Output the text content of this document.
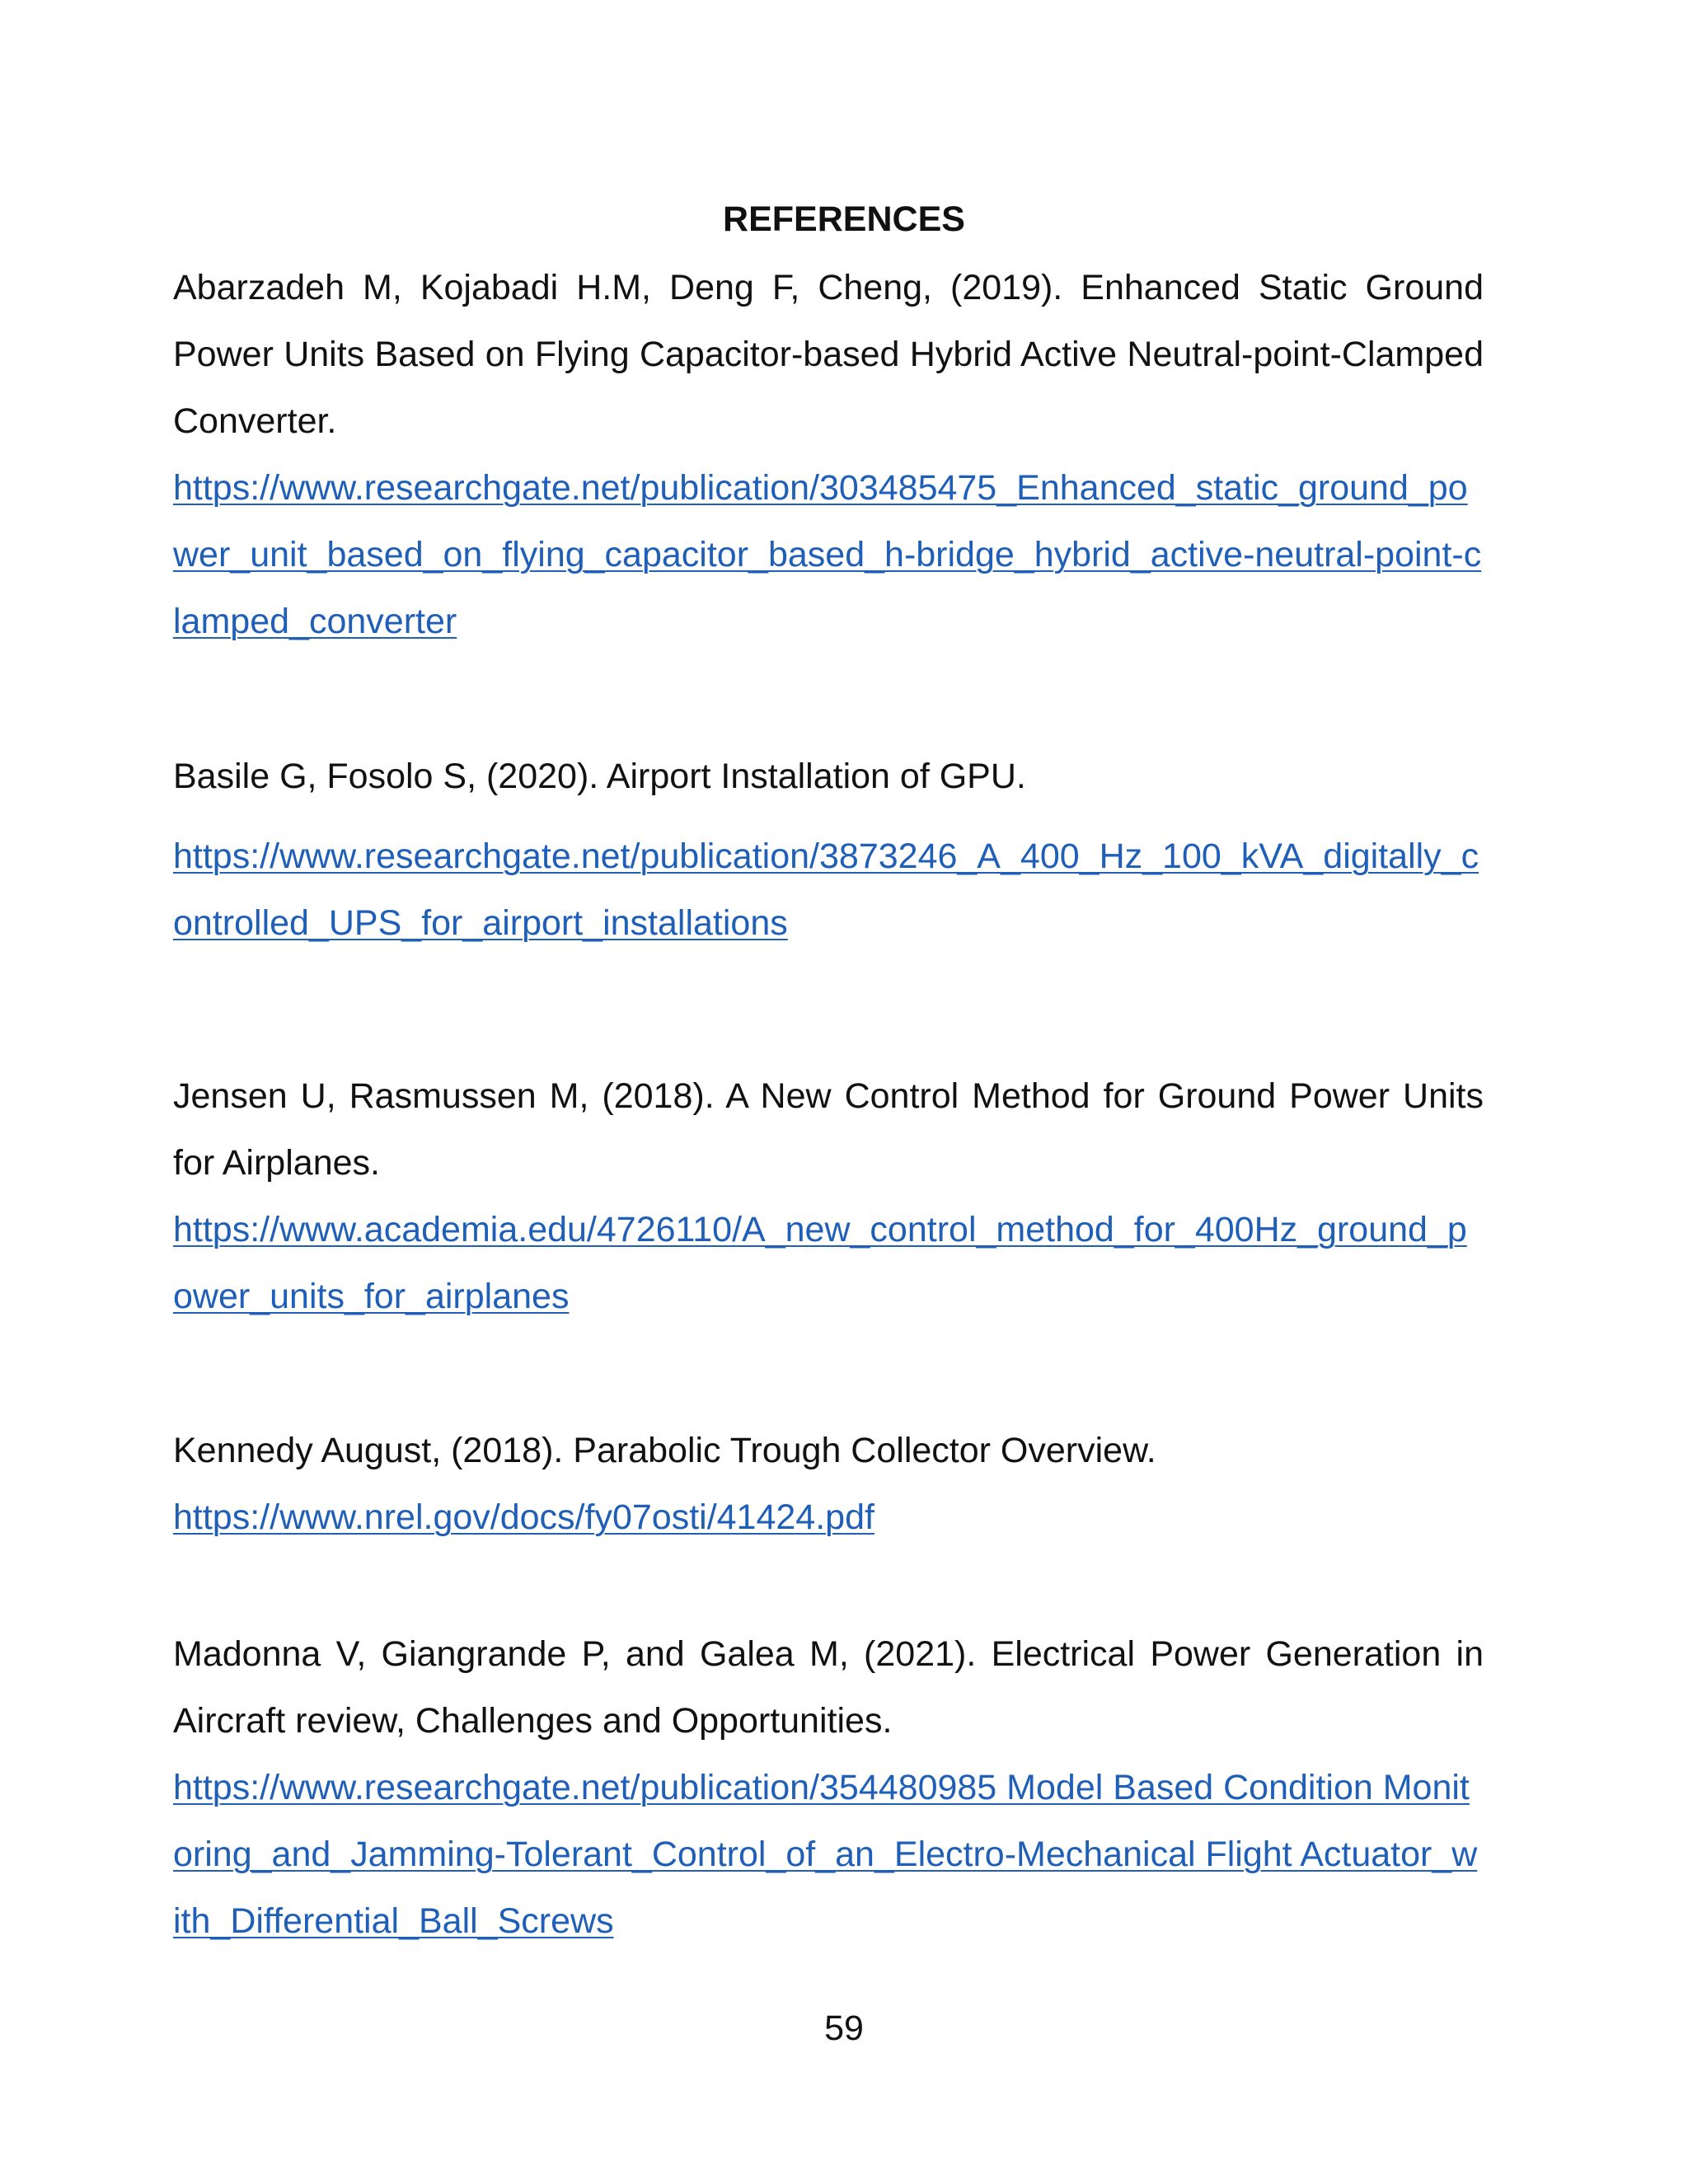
REFERENCES
Abarzadeh M, Kojabadi H.M, Deng F, Cheng, (2019). Enhanced Static Ground Power Units Based on Flying Capacitor-based Hybrid Active Neutral-point-Clamped Converter.
https://www.researchgate.net/publication/303485475_Enhanced_static_ground_power_unit_based_on_flying_capacitor_based_h-bridge_hybrid_active-neutral-point-clamped_converter
Basile G, Fosolo S, (2020). Airport Installation of GPU.
https://www.researchgate.net/publication/3873246_A_400_Hz_100_kVA_digitally_controlled_UPS_for_airport_installations
Jensen U, Rasmussen M, (2018). A New Control Method for Ground Power Units for Airplanes.
https://www.academia.edu/4726110/A_new_control_method_for_400Hz_ground_power_units_for_airplanes
Kennedy August, (2018). Parabolic Trough Collector Overview.
https://www.nrel.gov/docs/fy07osti/41424.pdf
Madonna V, Giangrande P, and Galea M, (2021). Electrical Power Generation in Aircraft review, Challenges and Opportunities.
https://www.researchgate.net/publication/354480985 Model Based Condition Monitoring_and_Jamming-Tolerant_Control_of_an_Electro-Mechanical Flight Actuator_with_Differential_Ball_Screws

59
